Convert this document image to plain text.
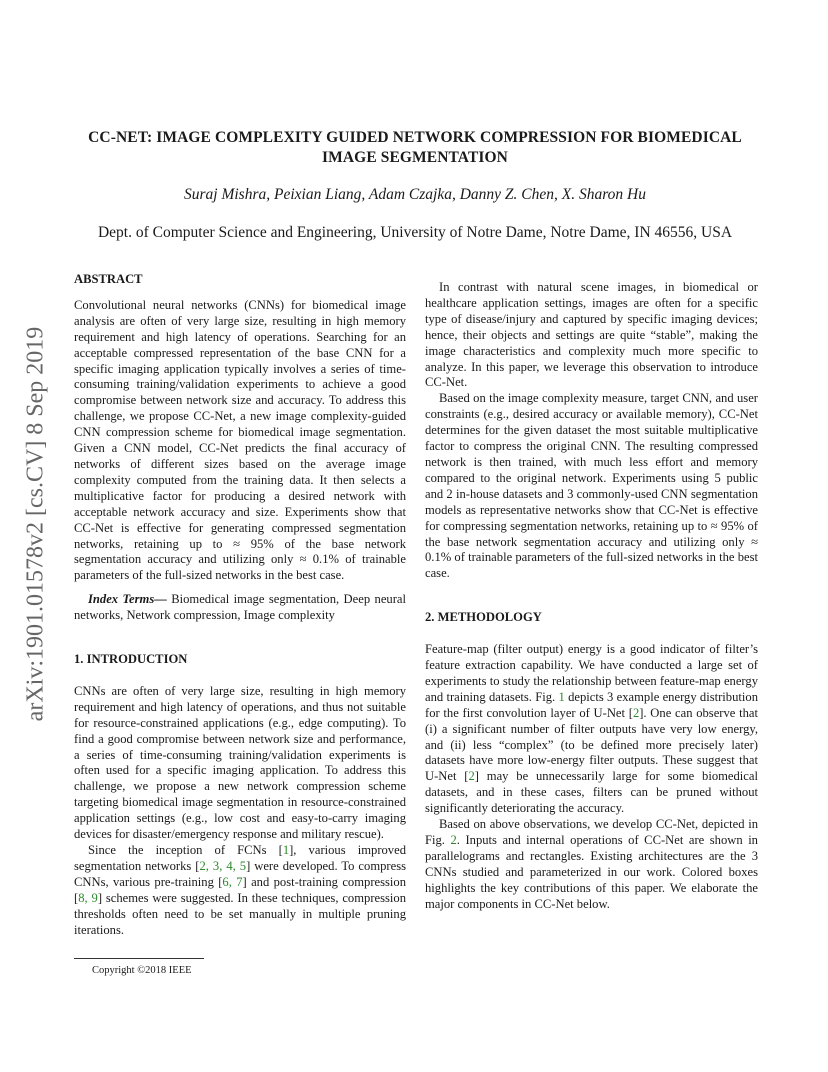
CC-NET: IMAGE COMPLEXITY GUIDED NETWORK COMPRESSION FOR BIOMEDICAL IMAGE SEGMENTATION
Suraj Mishra, Peixian Liang, Adam Czajka, Danny Z. Chen, X. Sharon Hu
Dept. of Computer Science and Engineering, University of Notre Dame, Notre Dame, IN 46556, USA
arXiv:1901.01578v2 [cs.CV] 8 Sep 2019

ABSTRACT

Convolutional neural networks (CNNs) for biomedical image analysis are often of very large size, resulting in high memory requirement and high latency of operations. Searching for an acceptable compressed representation of the base CNN for a specific imaging application typically involves a series of time-consuming training/validation experiments to achieve a good compromise between network size and accuracy. To address this challenge, we propose CC-Net, a new image complexity-guided CNN compression scheme for biomedical image segmentation. Given a CNN model, CC-Net predicts the final accuracy of networks of different sizes based on the average image complexity computed from the training data. It then selects a multiplicative factor for producing a desired network with acceptable network accuracy and size. Experiments show that CC-Net is effective for generating compressed segmentation networks, retaining up to ≈ 95% of the base network segmentation accuracy and utilizing only ≈ 0.1% of trainable parameters of the full-sized networks in the best case.

Index Terms— Biomedical image segmentation, Deep neural networks, Network compression, Image complexity

1. INTRODUCTION

CNNs are often of very large size, resulting in high memory requirement and high latency of operations, and thus not suitable for resource-constrained applications (e.g., edge computing). To find a good compromise between network size and performance, a series of time-consuming training/validation experiments is often used for a specific imaging application. To address this challenge, we propose a new network compression scheme targeting biomedical image segmentation in resource-constrained application settings (e.g., low cost and easy-to-carry imaging devices for disaster/emergency response and military rescue).

Since the inception of FCNs [1], various improved segmentation networks [2, 3, 4, 5] were developed. To compress CNNs, various pre-training [6, 7] and post-training compression [8, 9] schemes were suggested. In these techniques, compression thresholds often need to be set manually in multiple pruning iterations.

In contrast with natural scene images, in biomedical or healthcare application settings, images are often for a specific type of disease/injury and captured by specific imaging devices; hence, their objects and settings are quite “stable”, making the image characteristics and complexity much more specific to analyze. In this paper, we leverage this observation to introduce CC-Net.

Based on the image complexity measure, target CNN, and user constraints (e.g., desired accuracy or available memory), CC-Net determines for the given dataset the most suitable multiplicative factor to compress the original CNN. The resulting compressed network is then trained, with much less effort and memory compared to the original network. Experiments using 5 public and 2 in-house datasets and 3 commonly-used CNN segmentation models as representative networks show that CC-Net is effective for compressing segmentation networks, retaining up to ≈ 95% of the base network segmentation accuracy and utilizing only ≈ 0.1% of trainable parameters of the full-sized networks in the best case.

2. METHODOLOGY

Feature-map (filter output) energy is a good indicator of filter’s feature extraction capability. We have conducted a large set of experiments to study the relationship between feature-map energy and training datasets. Fig. 1 depicts 3 example energy distribution for the first convolution layer of U-Net [2]. One can observe that (i) a significant number of filter outputs have very low energy, and (ii) less “complex” (to be defined more precisely later) datasets have more low-energy filter outputs. These suggest that U-Net [2] may be unnecessarily large for some biomedical datasets, and in these cases, filters can be pruned without significantly deteriorating the accuracy.

Based on above observations, we develop CC-Net, depicted in Fig. 2. Inputs and internal operations of CC-Net are shown in parallelograms and rectangles. Existing architectures are the 3 CNNs studied and parameterized in our work. Colored boxes highlights the key contributions of this paper. We elaborate the major components in CC-Net below.

Copyright ©2018 IEEE
